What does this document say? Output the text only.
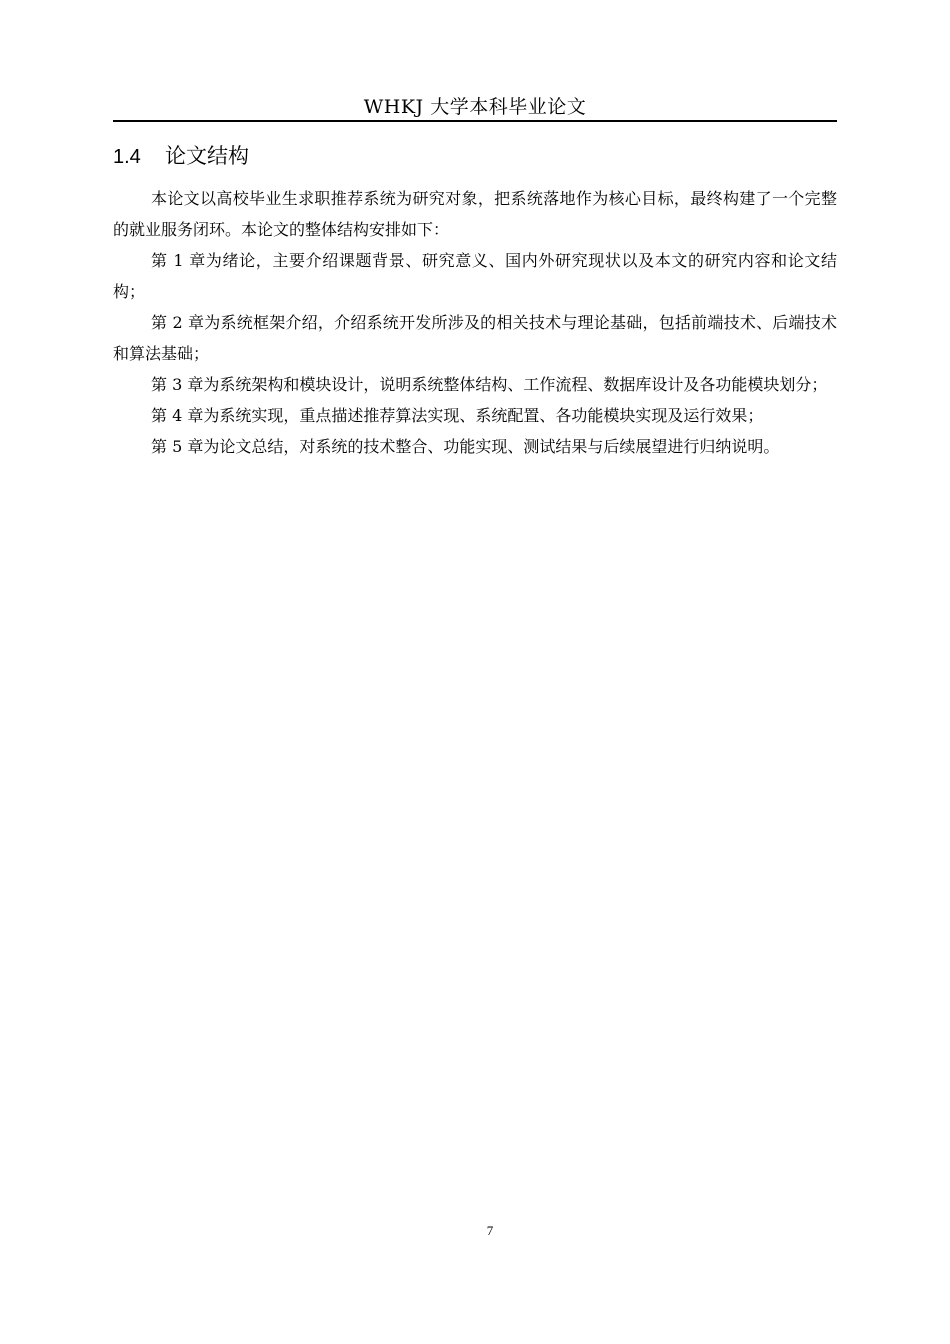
WHKJ 大学本科毕业论文
1.4 论文结构

本论文以高校毕业生求职推荐系统为研究对象，把系统落地作为核心目标，最终构建了一个完整的就业服务闭环。本论文的整体结构安排如下：

第 1 章为绪论，主要介绍课题背景、研究意义、国内外研究现状以及本文的研究内容和论文结构；

第 2 章为系统框架介绍，介绍系统开发所涉及的相关技术与理论基础，包括前端技术、后端技术和算法基础；

第 3 章为系统架构和模块设计，说明系统整体结构、工作流程、数据库设计及各功能模块划分；

第 4 章为系统实现，重点描述推荐算法实现、系统配置、各功能模块实现及运行效果；

第 5 章为论文总结，对系统的技术整合、功能实现、测试结果与后续展望进行归纳说明。

7
